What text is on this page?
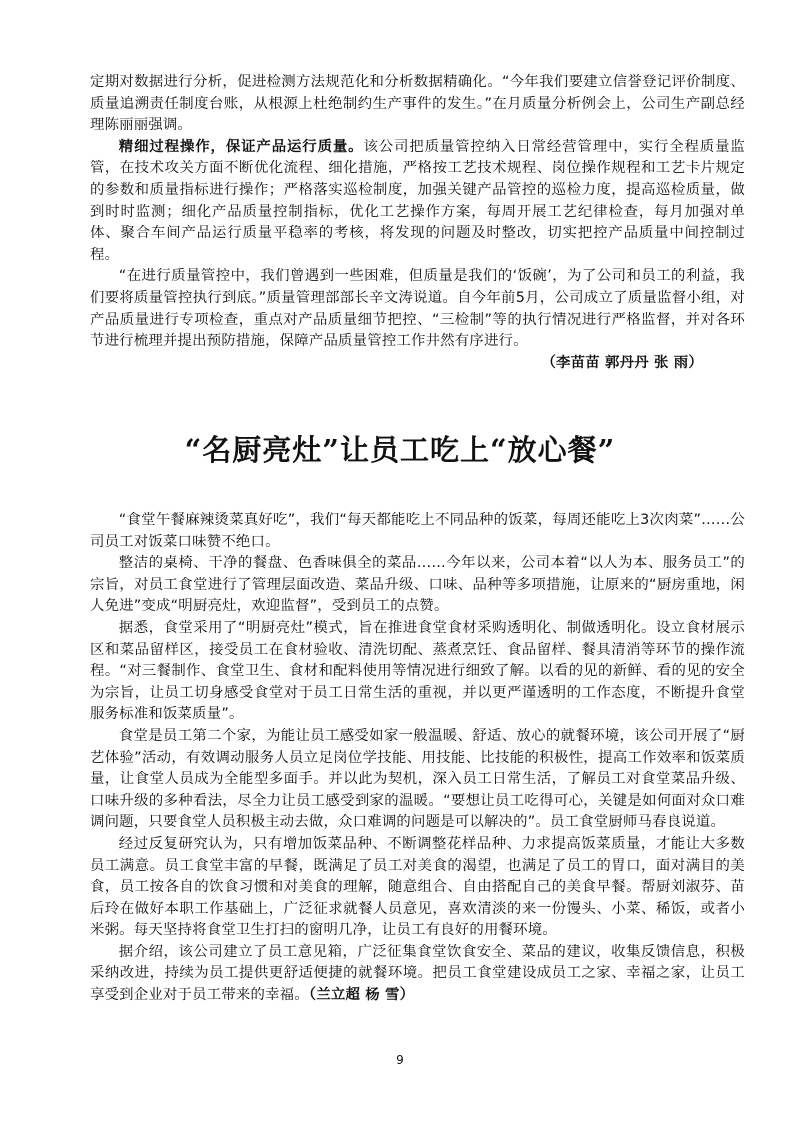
定期对数据进行分析，促进检测方法规范化和分析数据精确化。“今年我们要建立信誉登记评价制度、质量追溯责任制度台账，从根源上杜绝制约生产事件的发生。”在月质量分析例会上，公司生产副总经理陈丽丽强调。

精细过程操作，保证产品运行质量。该公司把质量管控纳入日常经营管理中，实行全程质量监管，在技术攻关方面不断优化流程、细化措施，严格按工艺技术规程、岗位操作规程和工艺卡片规定的参数和质量指标进行操作；严格落实巡检制度，加强关键产品管控的巡检力度，提高巡检质量，做到时时监测；细化产品质量控制指标，优化工艺操作方案，每周开展工艺纪律检查，每月加强对单体、聚合车间产品运行质量平稳率的考核，将发现的问题及时整改，切实把控产品质量中间控制过程。

“在进行质量管控中，我们曾遇到一些困难，但质量是我们的‘饭碗’，为了公司和员工的利益，我们要将质量管控执行到底。”质量管理部部长辛文涛说道。自今年前5月，公司成立了质量监督小组，对产品质量进行专项检查，重点对产品质量细节把控、“三检制”等的执行情况进行严格监督，并对各环节进行梳理并提出预防措施，保障产品质量管控工作井然有序进行。

（李苗苗 郭丹丹 张 雨）

“名厨亮灶”让员工吃上“放心餐”

“食堂午餐麻辣烫菜真好吃”，我们“每天都能吃上不同品种的饭菜，每周还能吃上3次肉菜”……公司员工对饭菜口味赞不绝口。

整洁的桌椅、干净的餐盘、色香味俱全的菜品……今年以来，公司本着“以人为本、服务员工”的宗旨，对员工食堂进行了管理层面改造、菜品升级、口味、品种等多项措施，让原来的“厨房重地，闲人免进”变成“明厨亮灶，欢迎监督”，受到员工的点赞。

据悉，食堂采用了“明厨亮灶”模式，旨在推进食堂食材采购透明化、制做透明化。设立食材展示区和菜品留样区，接受员工在食材验收、清洗切配、蒸煮烹饪、食品留样、餐具清消等环节的操作流程。“对三餐制作、食堂卫生、食材和配料使用等情况进行细致了解。以看的见的新鲜、看的见的安全为宗旨，让员工切身感受食堂对于员工日常生活的重视，并以更严谨透明的工作态度，不断提升食堂服务标准和饭菜质量”。

食堂是员工第二个家，为能让员工感受如家一般温暖、舒适、放心的就餐环境，该公司开展了“厨艺体验”活动，有效调动服务人员立足岗位学技能、用技能、比技能的积极性，提高工作效率和饭菜质量，让食堂人员成为全能型多面手。并以此为契机，深入员工日常生活，了解员工对食堂菜品升级、口味升级的多种看法，尽全力让员工感受到家的温暖。“要想让员工吃得可心，关键是如何面对众口难调问题，只要食堂人员积极主动去做，众口难调的问题是可以解决的”。员工食堂厨师马春良说道。

经过反复研究认为，只有增加饭菜品种、不断调整花样品种、力求提高饭菜质量，才能让大多数员工满意。员工食堂丰富的早餐，既满足了员工对美食的渴望，也满足了员工的胃口，面对满目的美食，员工按各自的饮食习惯和对美食的理解，随意组合、自由搭配自己的美食早餐。帮厨刘淑芬、苗后玲在做好本职工作基础上，广泛征求就餐人员意见，喜欢清淡的来一份馒头、小菜、稀饭，或者小米粥。每天坚持将食堂卫生打扫的窗明几净，让员工有良好的用餐环境。

据介绍，该公司建立了员工意见箱，广泛征集食堂饮食安全、菜品的建议，收集反馈信息，积极采纳改进，持续为员工提供更舒适便捷的就餐环境。把员工食堂建设成员工之家、幸福之家，让员工享受到企业对于员工带来的幸福。（兰立超 杨 雪）

9
